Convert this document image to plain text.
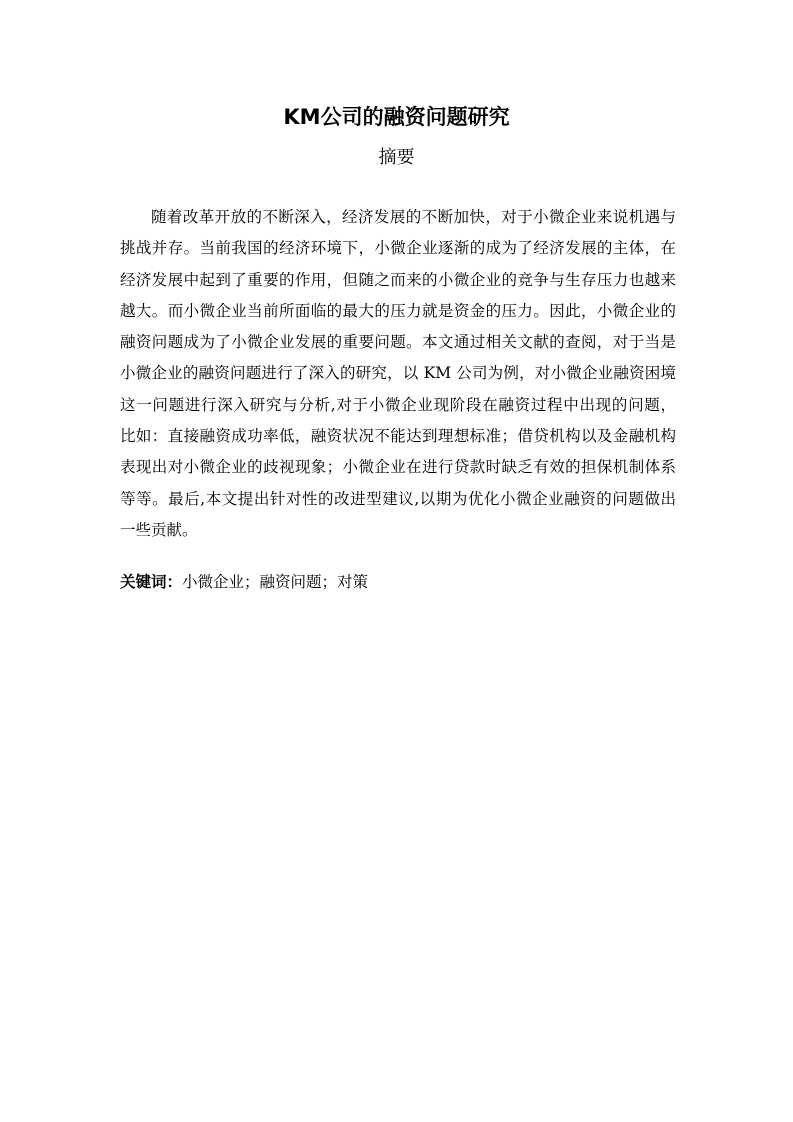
KM公司的融资问题研究
摘要
随着改革开放的不断深入，经济发展的不断加快，对于小微企业来说机遇与
挑战并存。当前我国的经济环境下，小微企业逐渐的成为了经济发展的主体，在
经济发展中起到了重要的作用，但随之而来的小微企业的竞争与生存压力也越来
越大。而小微企业当前所面临的最大的压力就是资金的压力。因此，小微企业的
融资问题成为了小微企业发展的重要问题。本文通过相关文献的查阅，对于当是
小微企业的融资问题进行了深入的研究，以 KM 公司为例，对小微企业融资困境
这一问题进行深入研究与分析,对于小微企业现阶段在融资过程中出现的问题，
比如：直接融资成功率低，融资状况不能达到理想标准；借贷机构以及金融机构
表现出对小微企业的歧视现象；小微企业在进行贷款时缺乏有效的担保机制体系
等等。最后,本文提出针对性的改进型建议,以期为优化小微企业融资的问题做出
一些贡献。
关键词：小微企业；融资问题；对策
